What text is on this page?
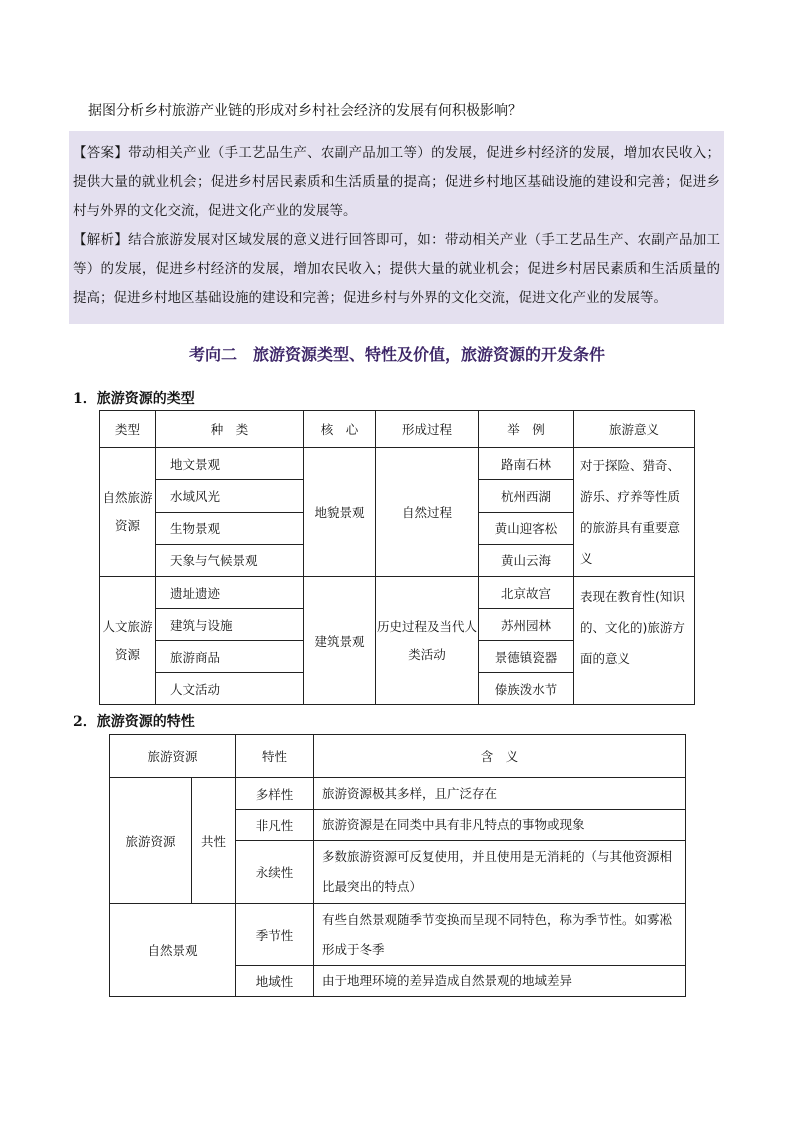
据图分析乡村旅游产业链的形成对乡村社会经济的发展有何积极影响？

【答案】带动相关产业（手工艺品生产、农副产品加工等）的发展，促进乡村经济的发展，增加农民收入；提供大量的就业机会；促进乡村居民素质和生活质量的提高；促进乡村地区基础设施的建设和完善；促进乡村与外界的文化交流，促进文化产业的发展等。

【解析】结合旅游发展对区域发展的意义进行回答即可，如：带动相关产业（手工艺品生产、农副产品加工等）的发展，促进乡村经济的发展，增加农民收入；提供大量的就业机会；促进乡村居民素质和生活质量的提高；促进乡村地区基础设施的建设和完善；促进乡村与外界的文化交流，促进文化产业的发展等。

考向二　旅游资源类型、特性及价值，旅游资源的开发条件
1．旅游资源的类型
类型	种　类	核　心	形成过程	举　例	旅游意义
自然旅游资源	地文景观	地貌景观	自然过程	路南石林	对于探险、猎奇、游乐、疗养等性质的旅游具有重要意义
	水域风光			杭州西湖	
	生物景观			黄山迎客松	
	天象与气候景观			黄山云海	
人文旅游资源	遗址遗迹	建筑景观	历史过程及当代人类活动	北京故宫	表现在教育性(知识的、文化的)旅游方面的意义
	建筑与设施			苏州园林	
	旅游商品			景德镇瓷器	
	人文活动			傣族泼水节	
2．旅游资源的特性
旅游资源		特性	含　义
旅游资源	共性	多样性	旅游资源极其多样，且广泛存在
		非凡性	旅游资源是在同类中具有非凡特点的事物或现象
		永续性	多数旅游资源可反复使用，并且使用是无消耗的（与其他资源相比最突出的特点）
自然景观		季节性	有些自然景观随季节变换而呈现不同特色，称为季节性。如雾凇形成于冬季
		地域性	由于地理环境的差异造成自然景观的地域差异
